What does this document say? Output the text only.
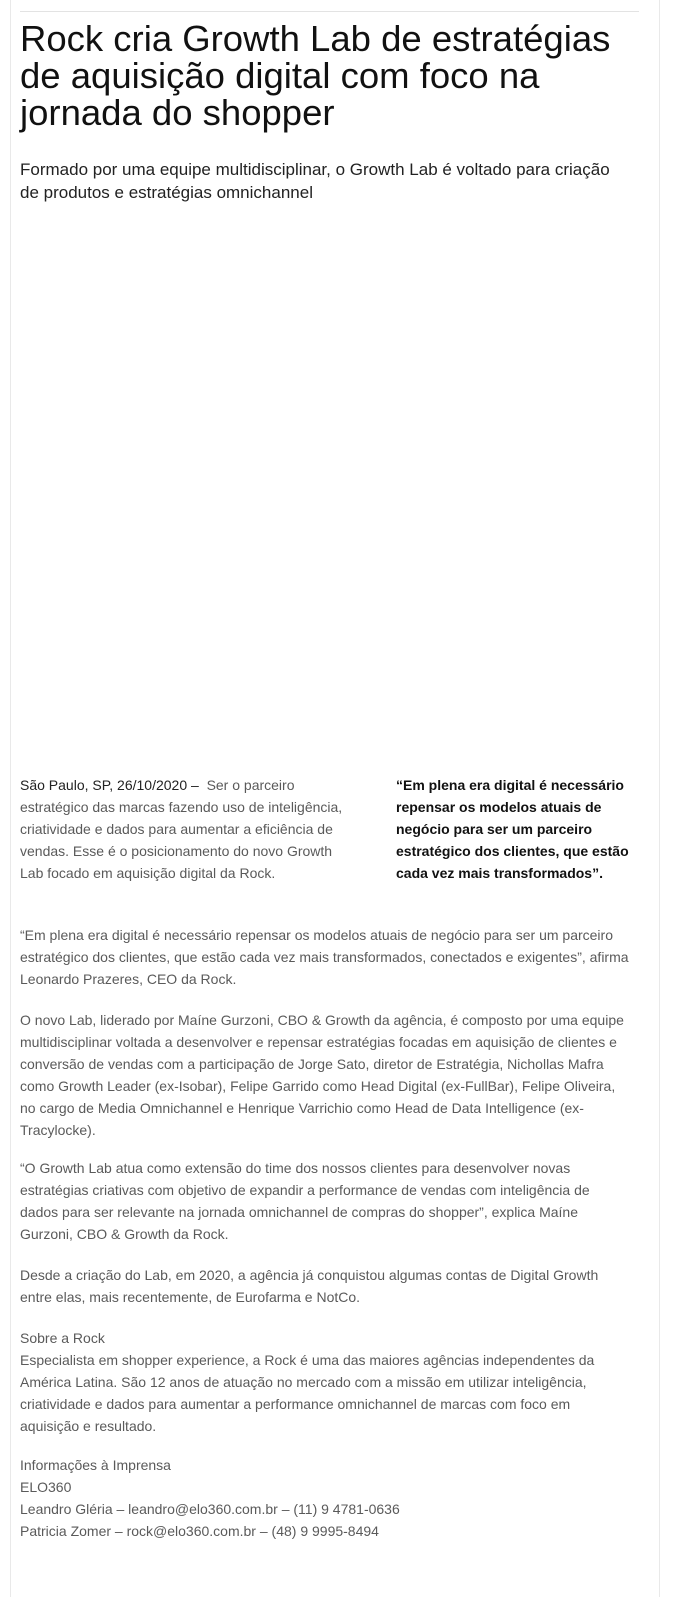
Rock cria Growth Lab de estratégias de aquisição digital com foco na jornada do shopper

Formado por uma equipe multidisciplinar, o Growth Lab é voltado para criação de produtos e estratégias omnichannel

São Paulo, SP, 26/10/2020 – Ser o parceiro estratégico das marcas fazendo uso de inteligência, criatividade e dados para aumentar a eficiência de vendas. Esse é o posicionamento do novo Growth Lab focado em aquisição digital da Rock.

“Em plena era digital é necessário repensar os modelos atuais de negócio para ser um parceiro estratégico dos clientes, que estão cada vez mais transformados”.

“Em plena era digital é necessário repensar os modelos atuais de negócio para ser um parceiro estratégico dos clientes, que estão cada vez mais transformados, conectados e exigentes”, afirma Leonardo Prazeres, CEO da Rock.

O novo Lab, liderado por Maíne Gurzoni, CBO & Growth da agência, é composto por uma equipe multidisciplinar voltada a desenvolver e repensar estratégias focadas em aquisição de clientes e conversão de vendas com a participação de Jorge Sato, diretor de Estratégia, Nichollas Mafra como Growth Leader (ex-Isobar), Felipe Garrido como Head Digital (ex-FullBar), Felipe Oliveira, no cargo de Media Omnichannel e Henrique Varrichio como Head de Data Intelligence (ex-Tracylocke).

“O Growth Lab atua como extensão do time dos nossos clientes para desenvolver novas estratégias criativas com objetivo de expandir a performance de vendas com inteligência de dados para ser relevante na jornada omnichannel de compras do shopper”, explica Maíne Gurzoni, CBO & Growth da Rock.

Desde a criação do Lab, em 2020, a agência já conquistou algumas contas de Digital Growth entre elas, mais recentemente, de Eurofarma e NotCo.

Sobre a Rock
Especialista em shopper experience, a Rock é uma das maiores agências independentes da América Latina. São 12 anos de atuação no mercado com a missão em utilizar inteligência, criatividade e dados para aumentar a performance omnichannel de marcas com foco em aquisição e resultado.
Informações à Imprensa
ELO360
Leandro Gléria – leandro@elo360.com.br – (11) 9 4781-0636
Patricia Zomer – rock@elo360.com.br – (48) 9 9995-8494
